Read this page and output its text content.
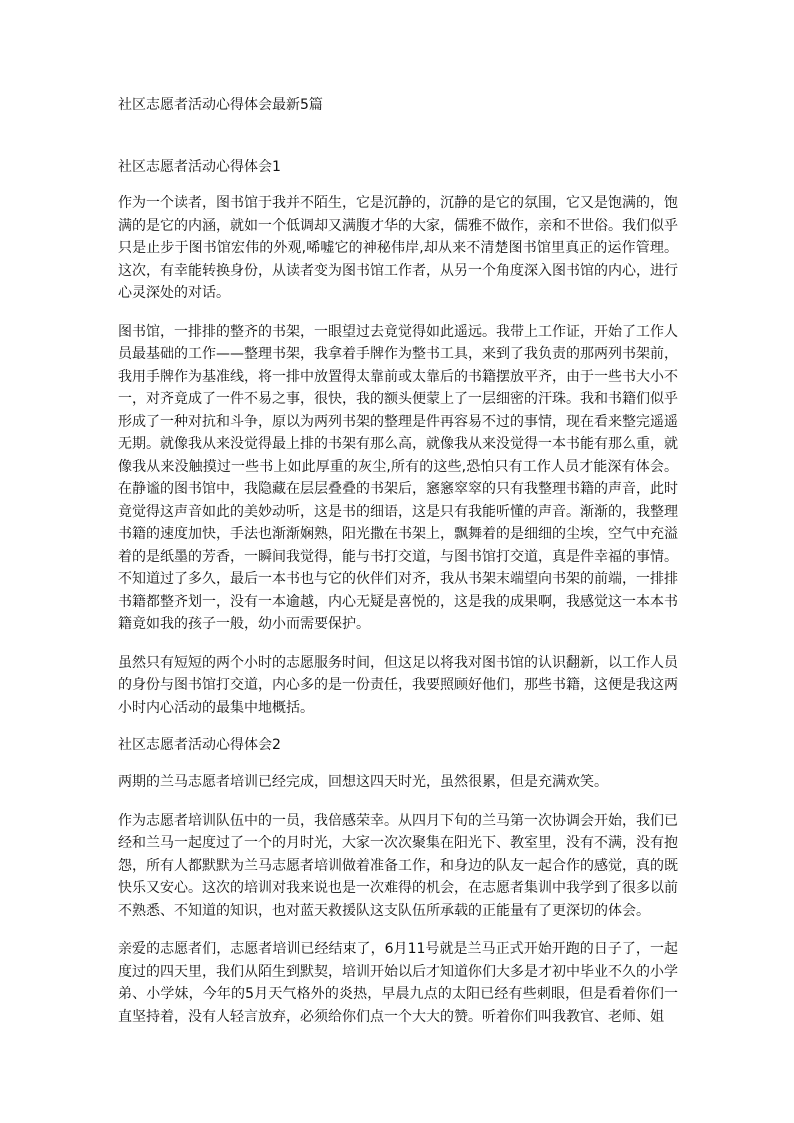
社区志愿者活动心得体会最新5篇
社区志愿者活动心得体会1

作为一个读者，图书馆于我并不陌生，它是沉静的，沉静的是它的氛围，它又是饱满的，饱满的是它的内涵，就如一个低调却又满腹才华的大家，儒雅不做作，亲和不世俗。我们似乎只是止步于图书馆宏伟的外观,唏嘘它的神秘伟岸,却从来不清楚图书馆里真正的运作管理。这次，有幸能转换身份，从读者变为图书馆工作者，从另一个角度深入图书馆的内心，进行心灵深处的对话。

图书馆，一排排的整齐的书架，一眼望过去竟觉得如此遥远。我带上工作证，开始了工作人员最基础的工作——整理书架，我拿着手牌作为整书工具，来到了我负责的那两列书架前，我用手牌作为基准线，将一排中放置得太靠前或太靠后的书籍摆放平齐，由于一些书大小不一，对齐竟成了一件不易之事，很快，我的额头便蒙上了一层细密的汗珠。我和书籍们似乎形成了一种对抗和斗争，原以为两列书架的整理是件再容易不过的事情，现在看来整完遥遥无期。就像我从来没觉得最上排的书架有那么高，就像我从来没觉得一本书能有那么重，就像我从来没触摸过一些书上如此厚重的灰尘,所有的这些,恐怕只有工作人员才能深有体会。在静谧的图书馆中，我隐藏在层层叠叠的书架后，窸窸窣窣的只有我整理书籍的声音，此时竟觉得这声音如此的美妙动听，这是书的细语，这是只有我能听懂的声音。渐渐的，我整理书籍的速度加快，手法也渐渐娴熟，阳光撒在书架上，飘舞着的是细细的尘埃，空气中充溢着的是纸墨的芳香，一瞬间我觉得，能与书打交道，与图书馆打交道，真是件幸福的事情。不知道过了多久，最后一本书也与它的伙伴们对齐，我从书架末端望向书架的前端，一排排书籍都整齐划一，没有一本逾越，内心无疑是喜悦的，这是我的成果啊，我感觉这一本本书籍竟如我的孩子一般，幼小而需要保护。

虽然只有短短的两个小时的志愿服务时间，但这足以将我对图书馆的认识翻新，以工作人员的身份与图书馆打交道，内心多的是一份责任，我要照顾好他们，那些书籍，这便是我这两小时内心活动的最集中地概括。

社区志愿者活动心得体会2

两期的兰马志愿者培训已经完成，回想这四天时光，虽然很累，但是充满欢笑。

作为志愿者培训队伍中的一员，我倍感荣幸。从四月下旬的兰马第一次协调会开始，我们已经和兰马一起度过了一个的月时光，大家一次次聚集在阳光下、教室里，没有不满，没有抱怨，所有人都默默为兰马志愿者培训做着准备工作，和身边的队友一起合作的感觉，真的既快乐又安心。这次的培训对我来说也是一次难得的机会，在志愿者集训中我学到了很多以前不熟悉、不知道的知识，也对蓝天救援队这支队伍所承载的正能量有了更深切的体会。

亲爱的志愿者们，志愿者培训已经结束了，6月11号就是兰马正式开始开跑的日子了，一起度过的四天里，我们从陌生到默契，培训开始以后才知道你们大多是才初中毕业不久的小学弟、小学妹，今年的5月天气格外的炎热，早晨九点的太阳已经有些刺眼，但是看着你们一直坚持着，没有人轻言放弃，必须给你们点一个大大的赞。听着你们叫我教官、老师、姐
